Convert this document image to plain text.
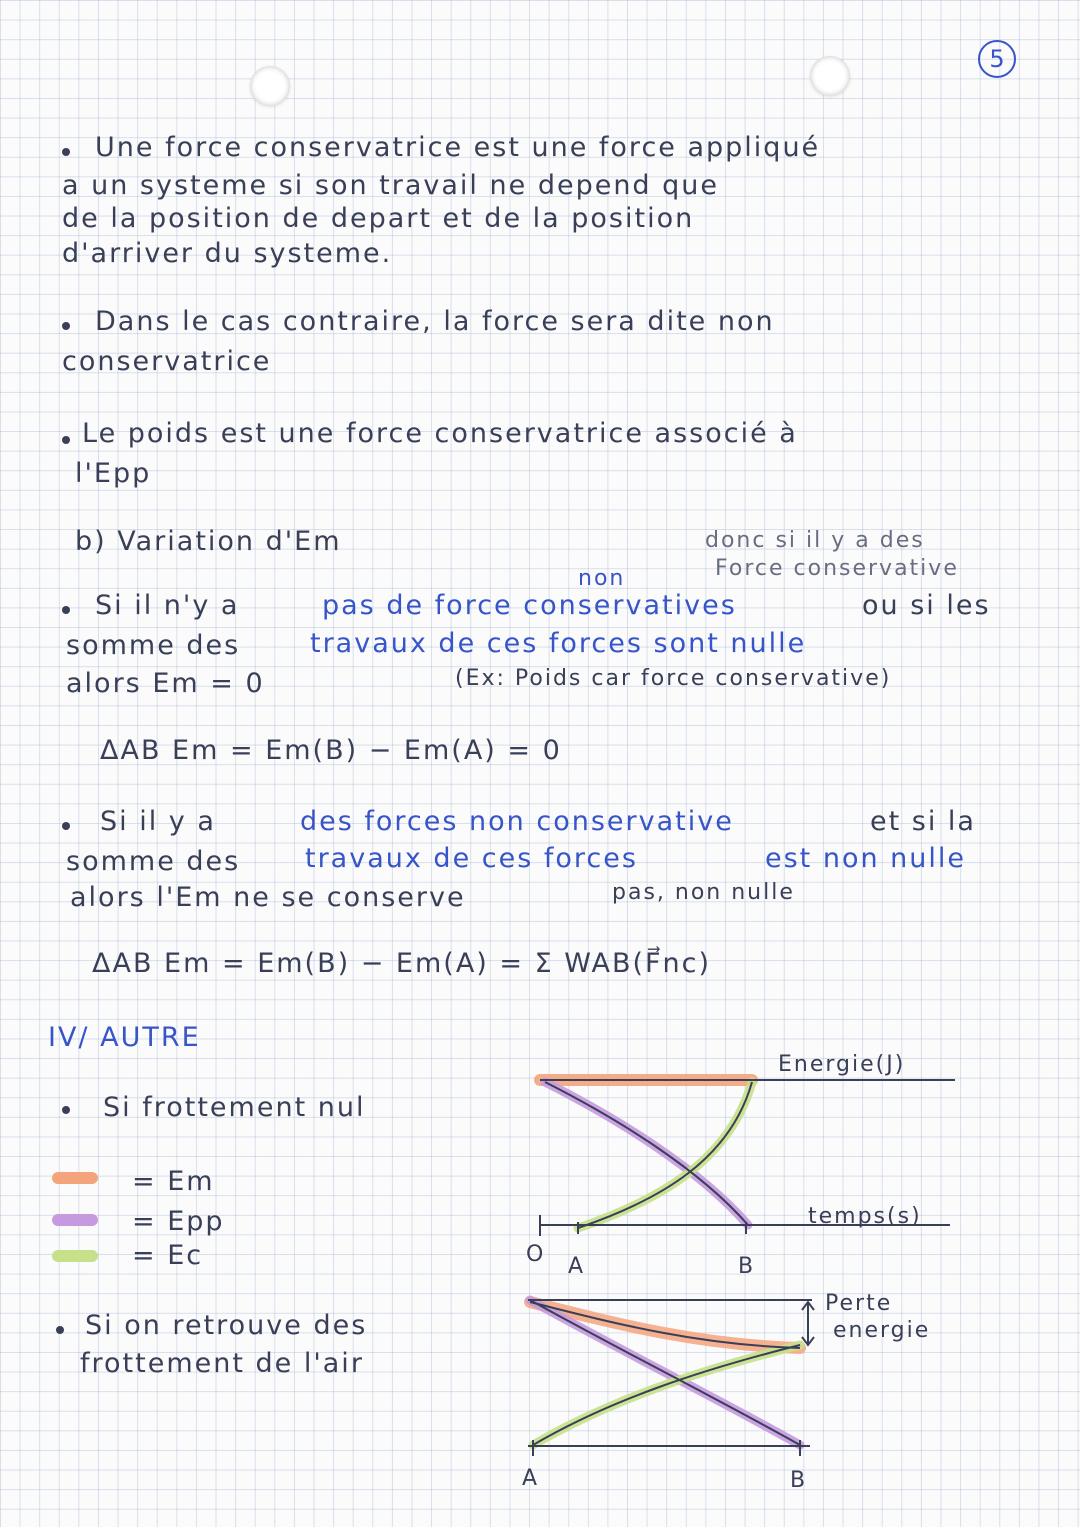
5
Une force conservatrice est une force appliqué
a un systeme si son travail ne depend que
de la position de depart et de la position
d'arriver du systeme.
Dans le cas contraire, la force sera dite non
conservatrice
Le poids est une force conservatrice associé à
l'Epp
b) Variation d'Em	donc si il y a des
Force conservative
non
Si il n'y a	pas de force conservatives	ou si les
somme des	travaux de ces forces sont nulle
alors Em = 0	(Ex: Poids car force conservative)
ΔAB Em = Em(B) − Em(A) = 0
Si il y a	des forces non conservative	et si la
somme des travaux de ces forces	est non nulle
alors l'Em ne se conserve	pas, non nulle
ΔAB Em = Em(B) − Em(A) = Σ WAB(F⃗nc)
IV/ AUTRE
Si frottement nul
= Em
= Epp
= Ec
Si on retrouve des
frottement de l'air
Energie(J)
temps(s)
O A	B
Perte
energie
A	B
